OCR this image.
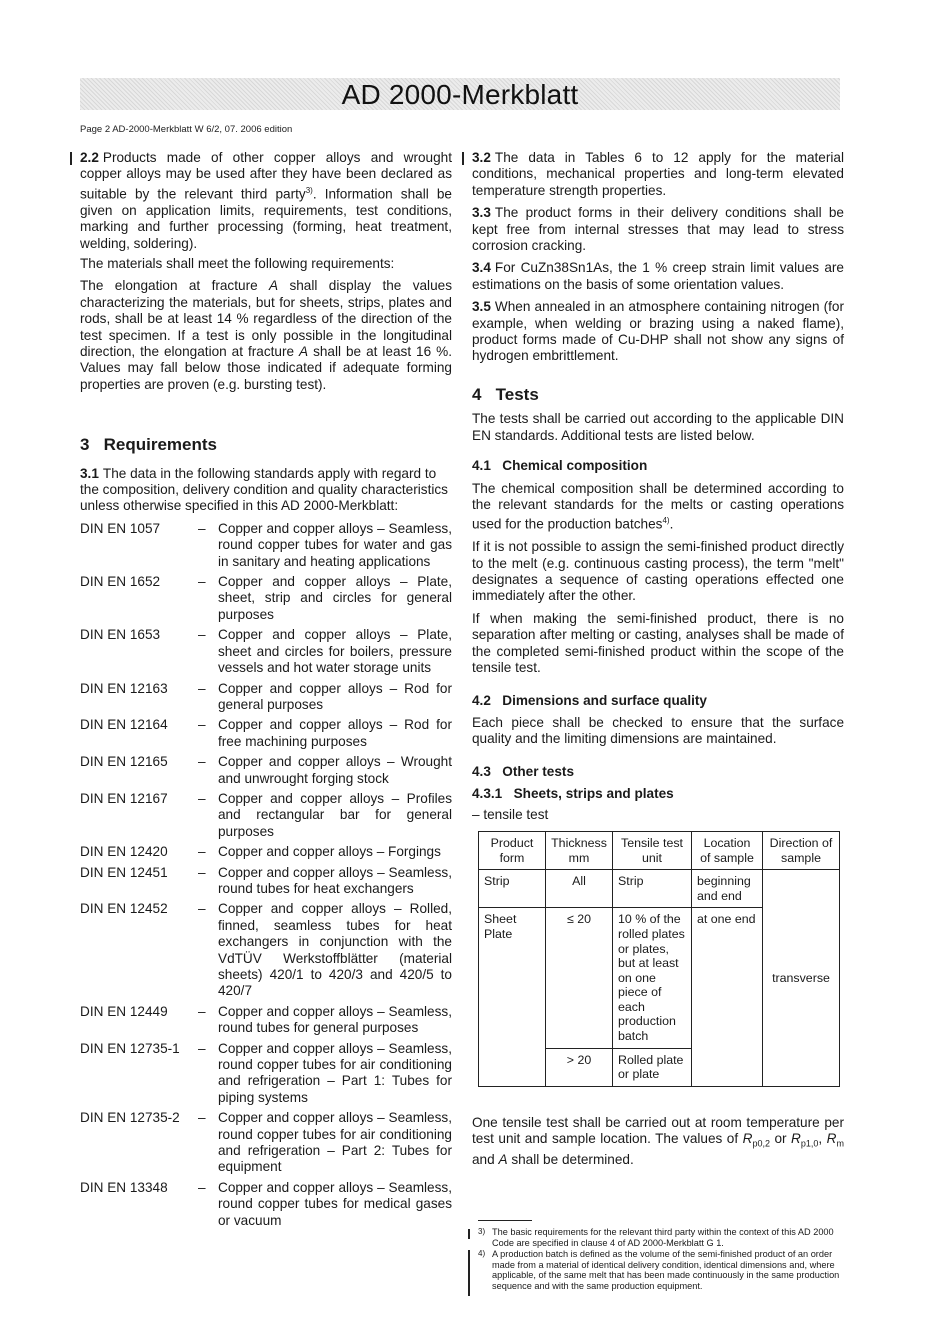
AD 2000-Merkblatt
Page 2 AD-2000-Merkblatt W 6/2, 07. 2006 edition

2.2 Products made of other copper alloys and wrought copper alloys may be used after they have been declared as suitable by the relevant third party$^{3)}$. Information shall be given on application limits, requirements, test conditions, marking and further processing (forming, heat treatment, welding, soldering).

The materials shall meet the following requirements:

The elongation at fracture A shall display the values characterizing the materials, but for sheets, strips, plates and rods, shall be at least 14 % regardless of the direction of the test specimen. If a test is only possible in the longitudinal direction, the elongation at fracture A shall be at least 16 %. Values may fall below those indicated if adequate forming properties are proven (e.g. bursting test).

3 Requirements

3.1 The data in the following standards apply with regard to the composition, delivery condition and quality characteristics unless otherwise specified in this AD 2000-Merkblatt:

DIN EN 1057	– Copper and copper alloys – Seamless, round copper tubes for water and gas in sanitary and heating applications
DIN EN 1652	– Copper and copper alloys – Plate, sheet, strip and circles for general purposes
DIN EN 1653	– Copper and copper alloys – Plate, sheet and circles for boilers, pressure vessels and hot water storage units
DIN EN 12163	– Copper and copper alloys – Rod for general purposes
DIN EN 12164	– Copper and copper alloys – Rod for free machining purposes
DIN EN 12165	– Copper and copper alloys – Wrought and unwrought forging stock
DIN EN 12167	– Copper and copper alloys – Profiles and rectangular bar for general purposes
DIN EN 12420	– Copper and copper alloys – Forgings
DIN EN 12451	– Copper and copper alloys – Seamless, round tubes for heat exchangers
DIN EN 12452	– Copper and copper alloys – Rolled, finned, seamless tubes for heat exchangers in conjunction with the VdTÜV Werkstoffblätter (material sheets) 420/1 to 420/3 and 420/5 to 420/7
DIN EN 12449	– Copper and copper alloys – Seamless, round tubes for general purposes
DIN EN 12735-1	– Copper and copper alloys – Seamless, round copper tubes for air conditioning and refrigeration – Part 1: Tubes for piping systems
DIN EN 12735-2	– Copper and copper alloys – Seamless, round copper tubes for air conditioning and refrigeration – Part 2: Tubes for equipment
DIN EN 13348	– Copper and copper alloys – Seamless, round copper tubes for medical gases or vacuum

3.2 The data in Tables 6 to 12 apply for the material conditions, mechanical properties and long-term elevated temperature strength properties.

3.3 The product forms in their delivery conditions shall be kept free from internal stresses that may lead to stress corrosion cracking.

3.4 For CuZn38Sn1As, the 1 % creep strain limit values are estimations on the basis of some orientation values.

3.5 When annealed in an atmosphere containing nitrogen (for example, when welding or brazing using a naked flame), product forms made of Cu-DHP shall not show any signs of hydrogen embrittlement.

4 Tests

The tests shall be carried out according to the applicable DIN EN standards. Additional tests are listed below.

4.1 Chemical composition

The chemical composition shall be determined according to the relevant standards for the melts or casting operations used for the production batches$^{4)}$.

If it is not possible to assign the semi-finished product directly to the melt (e.g. continuous casting process), the term "melt" designates a sequence of casting operations effected one immediately after the other.

If when making the semi-finished product, there is no separation after melting or casting, analyses shall be made of the completed semi-finished product within the scope of the tensile test.

4.2 Dimensions and surface quality

Each piece shall be checked to ensure that the surface quality and the limiting dimensions are maintained.

4.3 Other tests
4.3.1 Sheets, strips and plates

– tensile test

Product form	Thickness mm	Tensile test unit	Location of sample	Direction of sample
Strip	All	Strip	beginning and end	transverse
Sheet Plate	≤ 20	10 % of the rolled plates or plates, but at least on one piece of each production batch	at one end	
	> 20	Rolled plate or plate		

One tensile test shall be carried out at room temperature per test unit and sample location. The values of $R_{p0,2}$ or $R_{p1,0}$, $R_m$ and A shall be determined.

3) The basic requirements for the relevant third party within the context of this AD 2000 Code are specified in clause 4 of AD 2000-Merkblatt G 1.
4) A production batch is defined as the volume of the semi-finished product of an order made from a material of identical delivery condition, identical dimensions and, where applicable, of the same melt that has been made continuously in the same production sequence and with the same production equipment.
